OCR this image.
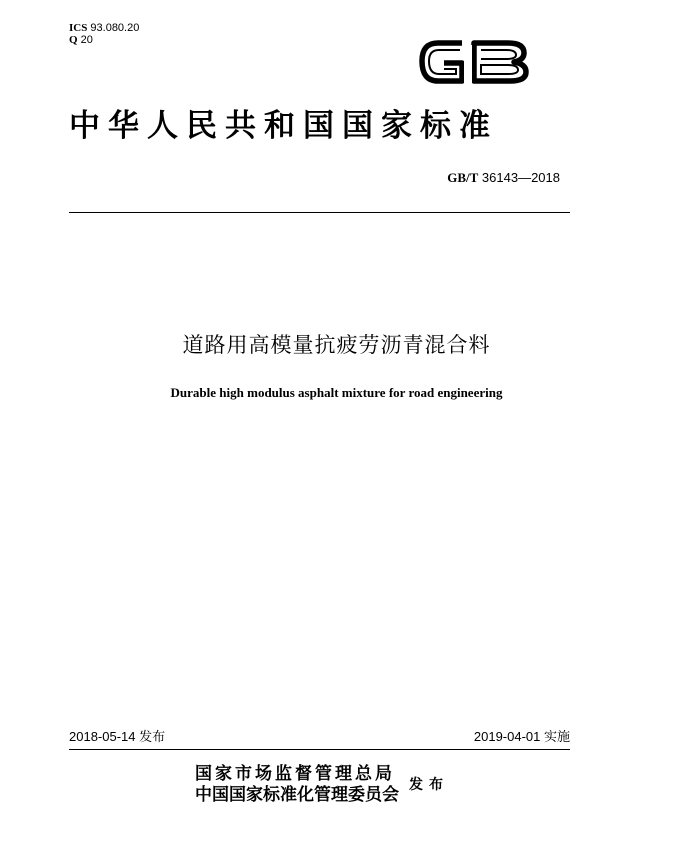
ICS 93.080.20
Q 20
中华人民共和国国家标准
GB/T 36143—2018
道路用高模量抗疲劳沥青混合料
Durable high modulus asphalt mixture for road engineering
2018-05-14 发布	2019-04-01 实施
国家市场监督管理总局
中国国家标准化管理委员会 发布
